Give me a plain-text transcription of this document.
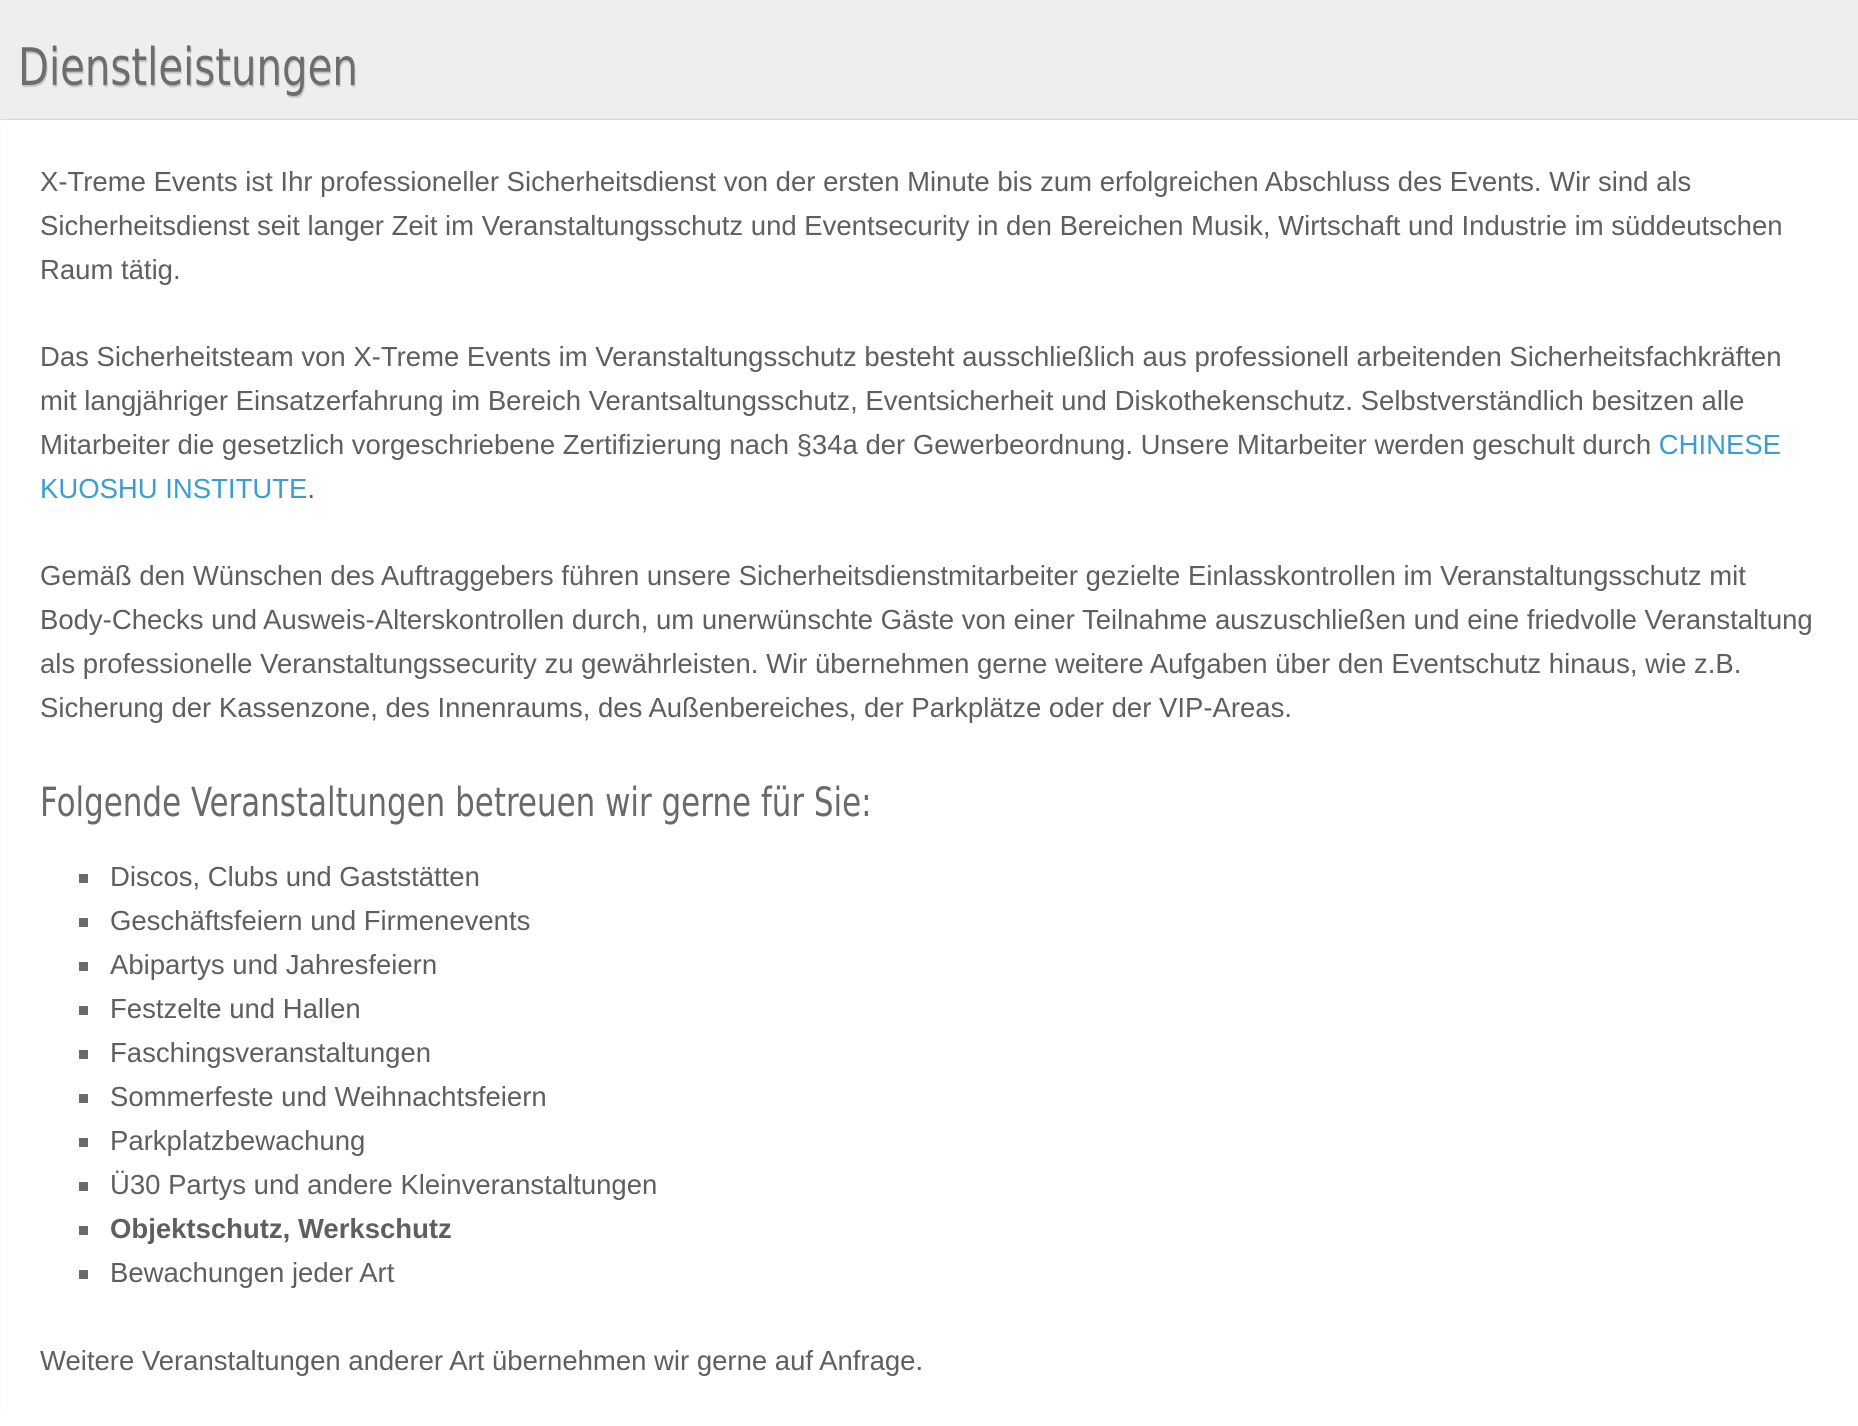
Dienstleistungen

X-Treme Events ist Ihr professioneller Sicherheitsdienst von der ersten Minute bis zum erfolgreichen Abschluss des Events. Wir sind als Sicherheitsdienst seit langer Zeit im Veranstaltungsschutz und Eventsecurity in den Bereichen Musik, Wirtschaft und Industrie im süddeutschen Raum tätig.

Das Sicherheitsteam von X-Treme Events im Veranstaltungsschutz besteht ausschließlich aus professionell arbeitenden Sicherheitsfachkräften mit langjähriger Einsatzerfahrung im Bereich Verantsaltungsschutz, Eventsicherheit und Diskothekenschutz. Selbstverständlich besitzen alle Mitarbeiter die gesetzlich vorgeschriebene Zertifizierung nach §34a der Gewerbeordnung. Unsere Mitarbeiter werden geschult durch CHINESE KUOSHU INSTITUTE.

Gemäß den Wünschen des Auftraggebers führen unsere Sicherheitsdienstmitarbeiter gezielte Einlasskontrollen im Veranstaltungsschutz mit Body-Checks und Ausweis-Alterskontrollen durch, um unerwünschte Gäste von einer Teilnahme auszuschließen und eine friedvolle Veranstaltung als professionelle Veranstaltungssecurity zu gewährleisten. Wir übernehmen gerne weitere Aufgaben über den Eventschutz hinaus, wie z.B. Sicherung der Kassenzone, des Innenraums, des Außenbereiches, der Parkplätze oder der VIP-Areas.

Folgende Veranstaltungen betreuen wir gerne für Sie:
Discos, Clubs und Gaststätten
Geschäftsfeiern und Firmenevents
Abipartys und Jahresfeiern
Festzelte und Hallen
Faschingsveranstaltungen
Sommerfeste und Weihnachtsfeiern
Parkplatzbewachung
Ü30 Partys und andere Kleinveranstaltungen
Objektschutz, Werkschutz
Bewachungen jeder Art

Weitere Veranstaltungen anderer Art übernehmen wir gerne auf Anfrage.
